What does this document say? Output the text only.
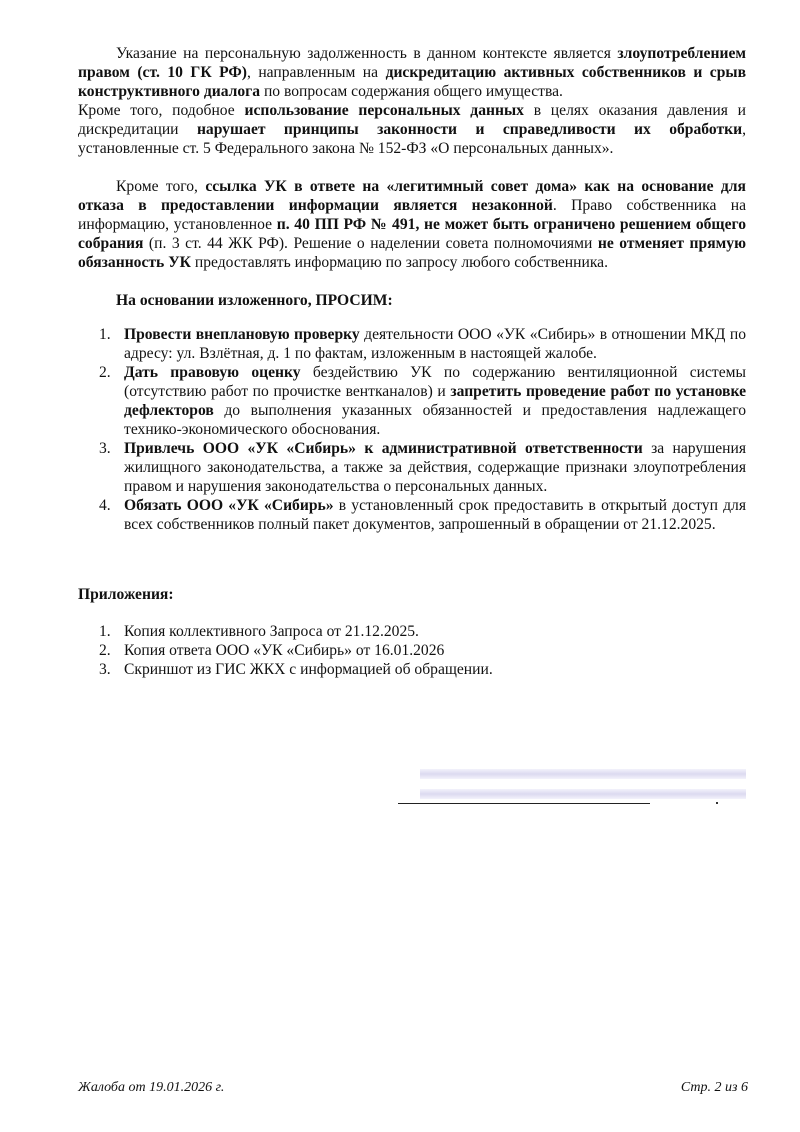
Указание на персональную задолженность в данном контексте является злоупотреблением правом (ст. 10 ГК РФ), направленным на дискредитацию активных собственников и срыв конструктивного диалога по вопросам содержания общего имущества.

Кроме того, подобное использование персональных данных в целях оказания давления и дискредитации нарушает принципы законности и справедливости их обработки, установленные ст. 5 Федерального закона № 152-ФЗ «О персональных данных».

Кроме того, ссылка УК в ответе на «легитимный совет дома» как на основание для отказа в предоставлении информации является незаконной. Право собственника на информацию, установленное п. 40 ПП РФ № 491, не может быть ограничено решением общего собрания (п. 3 ст. 44 ЖК РФ). Решение о наделении совета полномочиями не отменяет прямую обязанность УК предоставлять информацию по запросу любого собственника.

На основании изложенного, ПРОСИМ:
1. Провести внеплановую проверку деятельности ООО «УК «Сибирь» в отношении МКД по адресу: ул. Взлётная, д. 1 по фактам, изложенным в настоящей жалобе.
2. Дать правовую оценку бездействию УК по содержанию вентиляционной системы (отсутствию работ по прочистке вентканалов) и запретить проведение работ по установке дефлекторов до выполнения указанных обязанностей и предоставления надлежащего технико-экономического обоснования.
3. Привлечь ООО «УК «Сибирь» к административной ответственности за нарушения жилищного законодательства, а также за действия, содержащие признаки злоупотребления правом и нарушения законодательства о персональных данных.
4. Обязать ООО «УК «Сибирь» в установленный срок предоставить в открытый доступ для всех собственников полный пакет документов, запрошенный в обращении от 21.12.2025.
Приложения:
1. Копия коллективного Запроса от 21.12.2025.
2. Копия ответа ООО «УК «Сибирь» от 16.01.2026
3. Скриншот из ГИС ЖКХ с информацией об обращении.
Жалоба от 19.01.2026 г.	Стр. 2 из 6
